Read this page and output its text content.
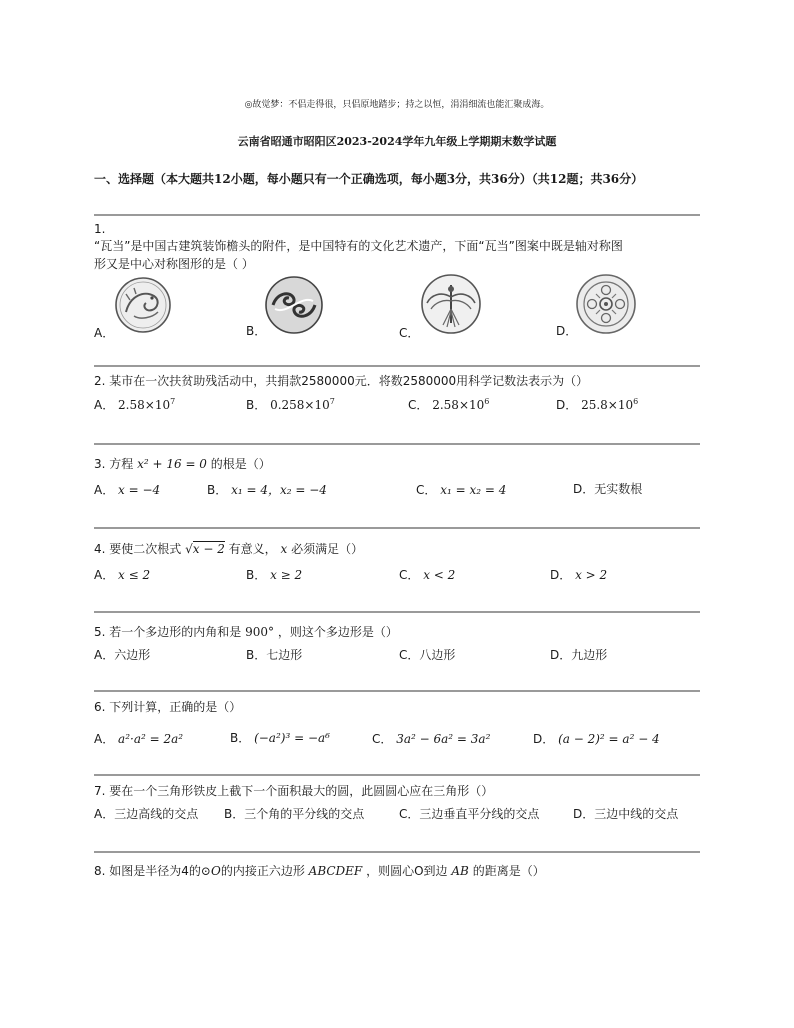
◎故觉梦：不侣走得很，只侣原地踏步；持之以恒，涓涓细流也能汇聚成海。
云南省昭通市昭阳区2023-2024学年九年级上学期期末数学试题
一、选择题（本大题共12小题，每小题只有一个正确选项，每小题3分，共36分）（共12题；共36分）
1.
“瓦当”是中国古建筑装饰檐头的附件，是中国特有的文化艺术遗产，下面“瓦当”图案中既是轴对称图
形又是中心对称图形的是（ ）
A．	B．	C．	D．
2. 某市在一次扶贫助残活动中，共捐款2580000元．将数2580000用科学记数法表示为（）
A． $2.58\times 10^7$	B． $0.258\times 10^7$	C． $2.58\times 10^6$	D． $25.8\times 10^6$
3. 方程 x² + 16 = 0 的根是（）
A． x = −4	B． x₁ = 4，x₂ = −4	C． x₁ = x₂ = 4	D．无实数根
4. 要使二次根式 √x − 2 有意义， x 必须满足（）
A． x ≤ 2	B． x ≥ 2	C． x < 2	D． x > 2
5. 若一个多边形的内角和是 900° ，则这个多边形是（）
A．六边形	B．七边形	C．八边形	D．九边形
6. 下列计算，正确的是（）
A． a²·a² = 2a²	B． (−a²)³ = −a⁶	C． 3a² − 6a² = 3a²	D． (a − 2)² = a² − 4
7. 要在一个三角形铁皮上截下一个面积最大的圆，此圆圆心应在三角形（）
A．三边高线的交点 B．三个角的平分线的交点	C．三边垂直平分线的交点	D．三边中线的交点
8. 如图是半径为4的⊙O的内接正六边形 ABCDEF ，则圆心O到边 AB 的距离是（）
